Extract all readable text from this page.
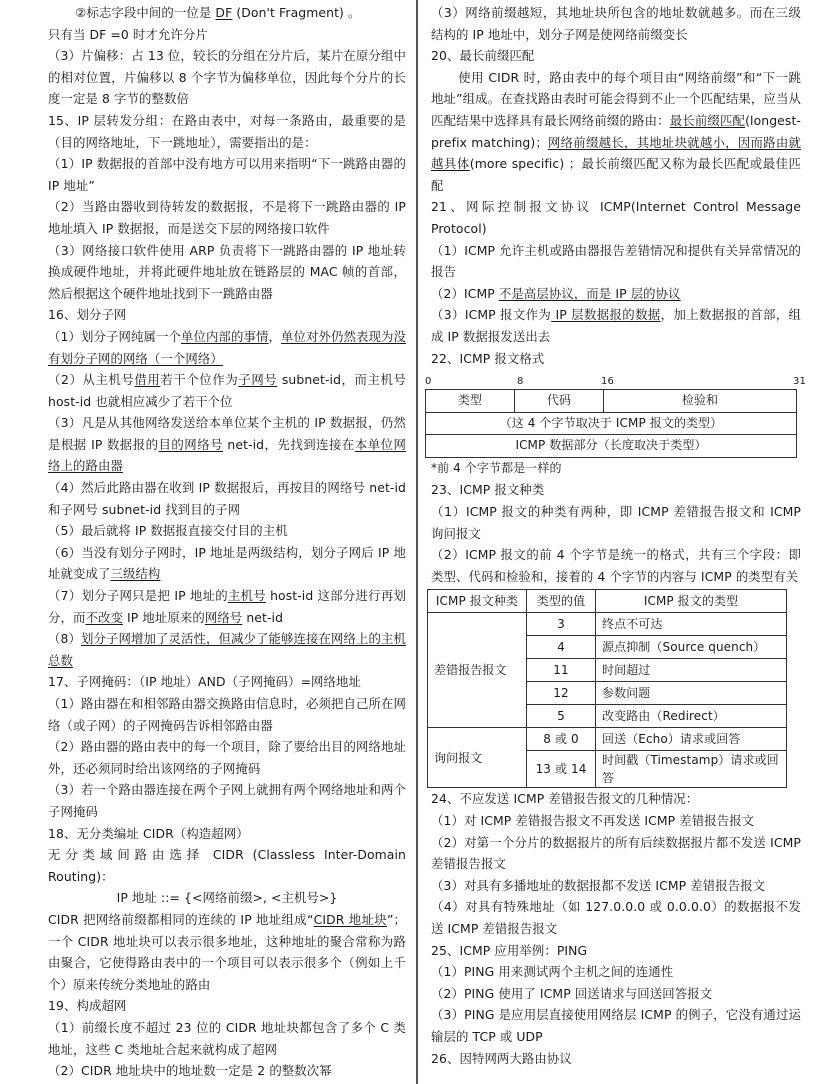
②标志字段中间的一位是 DF (Don't Fragment) 。

只有当 DF =0 时才允许分片

（3）片偏移：占 13 位，较长的分组在分片后，某片在原分组中的相对位置，片偏移以 8 个字节为偏移单位，因此每个分片的长度一定是 8 字节的整数倍

15、IP 层转发分组：在路由表中，对每一条路由，最重要的是（目的网络地址，下一跳地址），需要指出的是：

（1）IP 数据报的首部中没有地方可以用来指明“下一跳路由器的 IP 地址”

（2）当路由器收到待转发的数据报，不是将下一跳路由器的 IP 地址填入 IP 数据报，而是送交下层的网络接口软件

（3）网络接口软件使用 ARP 负责将下一跳路由器的 IP 地址转换成硬件地址，并将此硬件地址放在链路层的 MAC 帧的首部，然后根据这个硬件地址找到下一跳路由器

16、划分子网

（1）划分子网纯属一个单位内部的事情，单位对外仍然表现为没有划分子网的网络（一个网络）

（2）从主机号借用若干个位作为子网号 subnet-id，而主机号 host-id 也就相应减少了若干个位

（3）凡是从其他网络发送给本单位某个主机的 IP 数据报，仍然是根据 IP 数据报的目的网络号 net-id，先找到连接在本单位网络上的路由器

（4）然后此路由器在收到 IP 数据报后，再按目的网络号 net-id 和子网号 subnet-id 找到目的子网

（5）最后就将 IP 数据报直接交付目的主机

（6）当没有划分子网时，IP 地址是两级结构，划分子网后 IP 地址就变成了三级结构

（7）划分子网只是把 IP 地址的主机号 host-id 这部分进行再划分，而不改变 IP 地址原来的网络号 net-id

（8）划分子网增加了灵活性，但减少了能够连接在网络上的主机总数

17、子网掩码：（IP 地址）AND（子网掩码）=网络地址

（1）路由器在和相邻路由器交换路由信息时，必须把自己所在网络（或子网）的子网掩码告诉相邻路由器

（2）路由器的路由表中的每一个项目，除了要给出目的网络地址外，还必须同时给出该网络的子网掩码

（3）若一个路由器连接在两个子网上就拥有两个网络地址和两个子网掩码

18、无分类编址 CIDR（构造超网）

无分类域间路由选择 CIDR (Classless Inter-Domain Routing)：

IP 地址 ::= {<网络前缀>, <主机号>}

CIDR 把网络前缀都相同的连续的 IP 地址组成“CIDR 地址块”；一个 CIDR 地址块可以表示很多地址，这种地址的聚合常称为路由聚合，它使得路由表中的一个项目可以表示很多个（例如上千个）原来传统分类地址的路由

19、构成超网

（1）前缀长度不超过 23 位的 CIDR 地址块都包含了多个 C 类地址，这些 C 类地址合起来就构成了超网

（2）CIDR 地址块中的地址数一定是 2 的整数次幂

（3）网络前缀越短，其地址块所包含的地址数就越多。而在三级结构的 IP 地址中，划分子网是使网络前缀变长

20、最长前缀匹配

使用 CIDR 时，路由表中的每个项目由“网络前缀”和“下一跳地址”组成。在查找路由表时可能会得到不止一个匹配结果，应当从匹配结果中选择具有最长网络前缀的路由：最长前缀匹配(longest-prefix matching)；网络前缀越长，其地址块就越小，因而路由就越具体(more specific) ；最长前缀匹配又称为最长匹配或最佳匹配

21、网际控制报文协议 ICMP(Internet Control Message Protocol)

（1）ICMP 允许主机或路由器报告差错情况和提供有关异常情况的报告

（2）ICMP 不是高层协议，而是 IP 层的协议

（3）ICMP 报文作为 IP 层数据报的数据，加上数据报的首部，组成 IP 数据报发送出去

22、ICMP 报文格式

0	8	16	31
类型	代码	检验和
（这 4 个字节取决于 ICMP 报文的类型）
ICMP 数据部分（长度取决于类型）

*前 4 个字节都是一样的

23、ICMP 报文种类

（1）ICMP 报文的种类有两种，即 ICMP 差错报告报文和 ICMP 询问报文

（2）ICMP 报文的前 4 个字节是统一的格式，共有三个字段：即类型、代码和检验和，接着的 4 个字节的内容与 ICMP 的类型有关

ICMP 报文种类	类型的值	ICMP 报文的类型
差错报告报文	3	终点不可达
	4	源点抑制（Source quench）
	11	时间超过
	12	参数问题
	5	改变路由（Redirect）
询问报文	8 或 0	回送（Echo）请求或回答
	13 或 14	时间戳（Timestamp）请求或回答

24、不应发送 ICMP 差错报告报文的几种情况：

（1）对 ICMP 差错报告报文不再发送 ICMP 差错报告报文

（2）对第一个分片的数据报片的所有后续数据报片都不发送 ICMP 差错报告报文

（3）对具有多播地址的数据报都不发送 ICMP 差错报告报文

（4）对具有特殊地址（如 127.0.0.0 或 0.0.0.0）的数据报不发送 ICMP 差错报告报文

25、ICMP 应用举例：PING

（1）PING 用来测试两个主机之间的连通性

（2）PING 使用了 ICMP 回送请求与回送回答报文

（3）PING 是应用层直接使用网络层 ICMP 的例子，它没有通过运输层的 TCP 或 UDP

26、因特网两大路由协议
